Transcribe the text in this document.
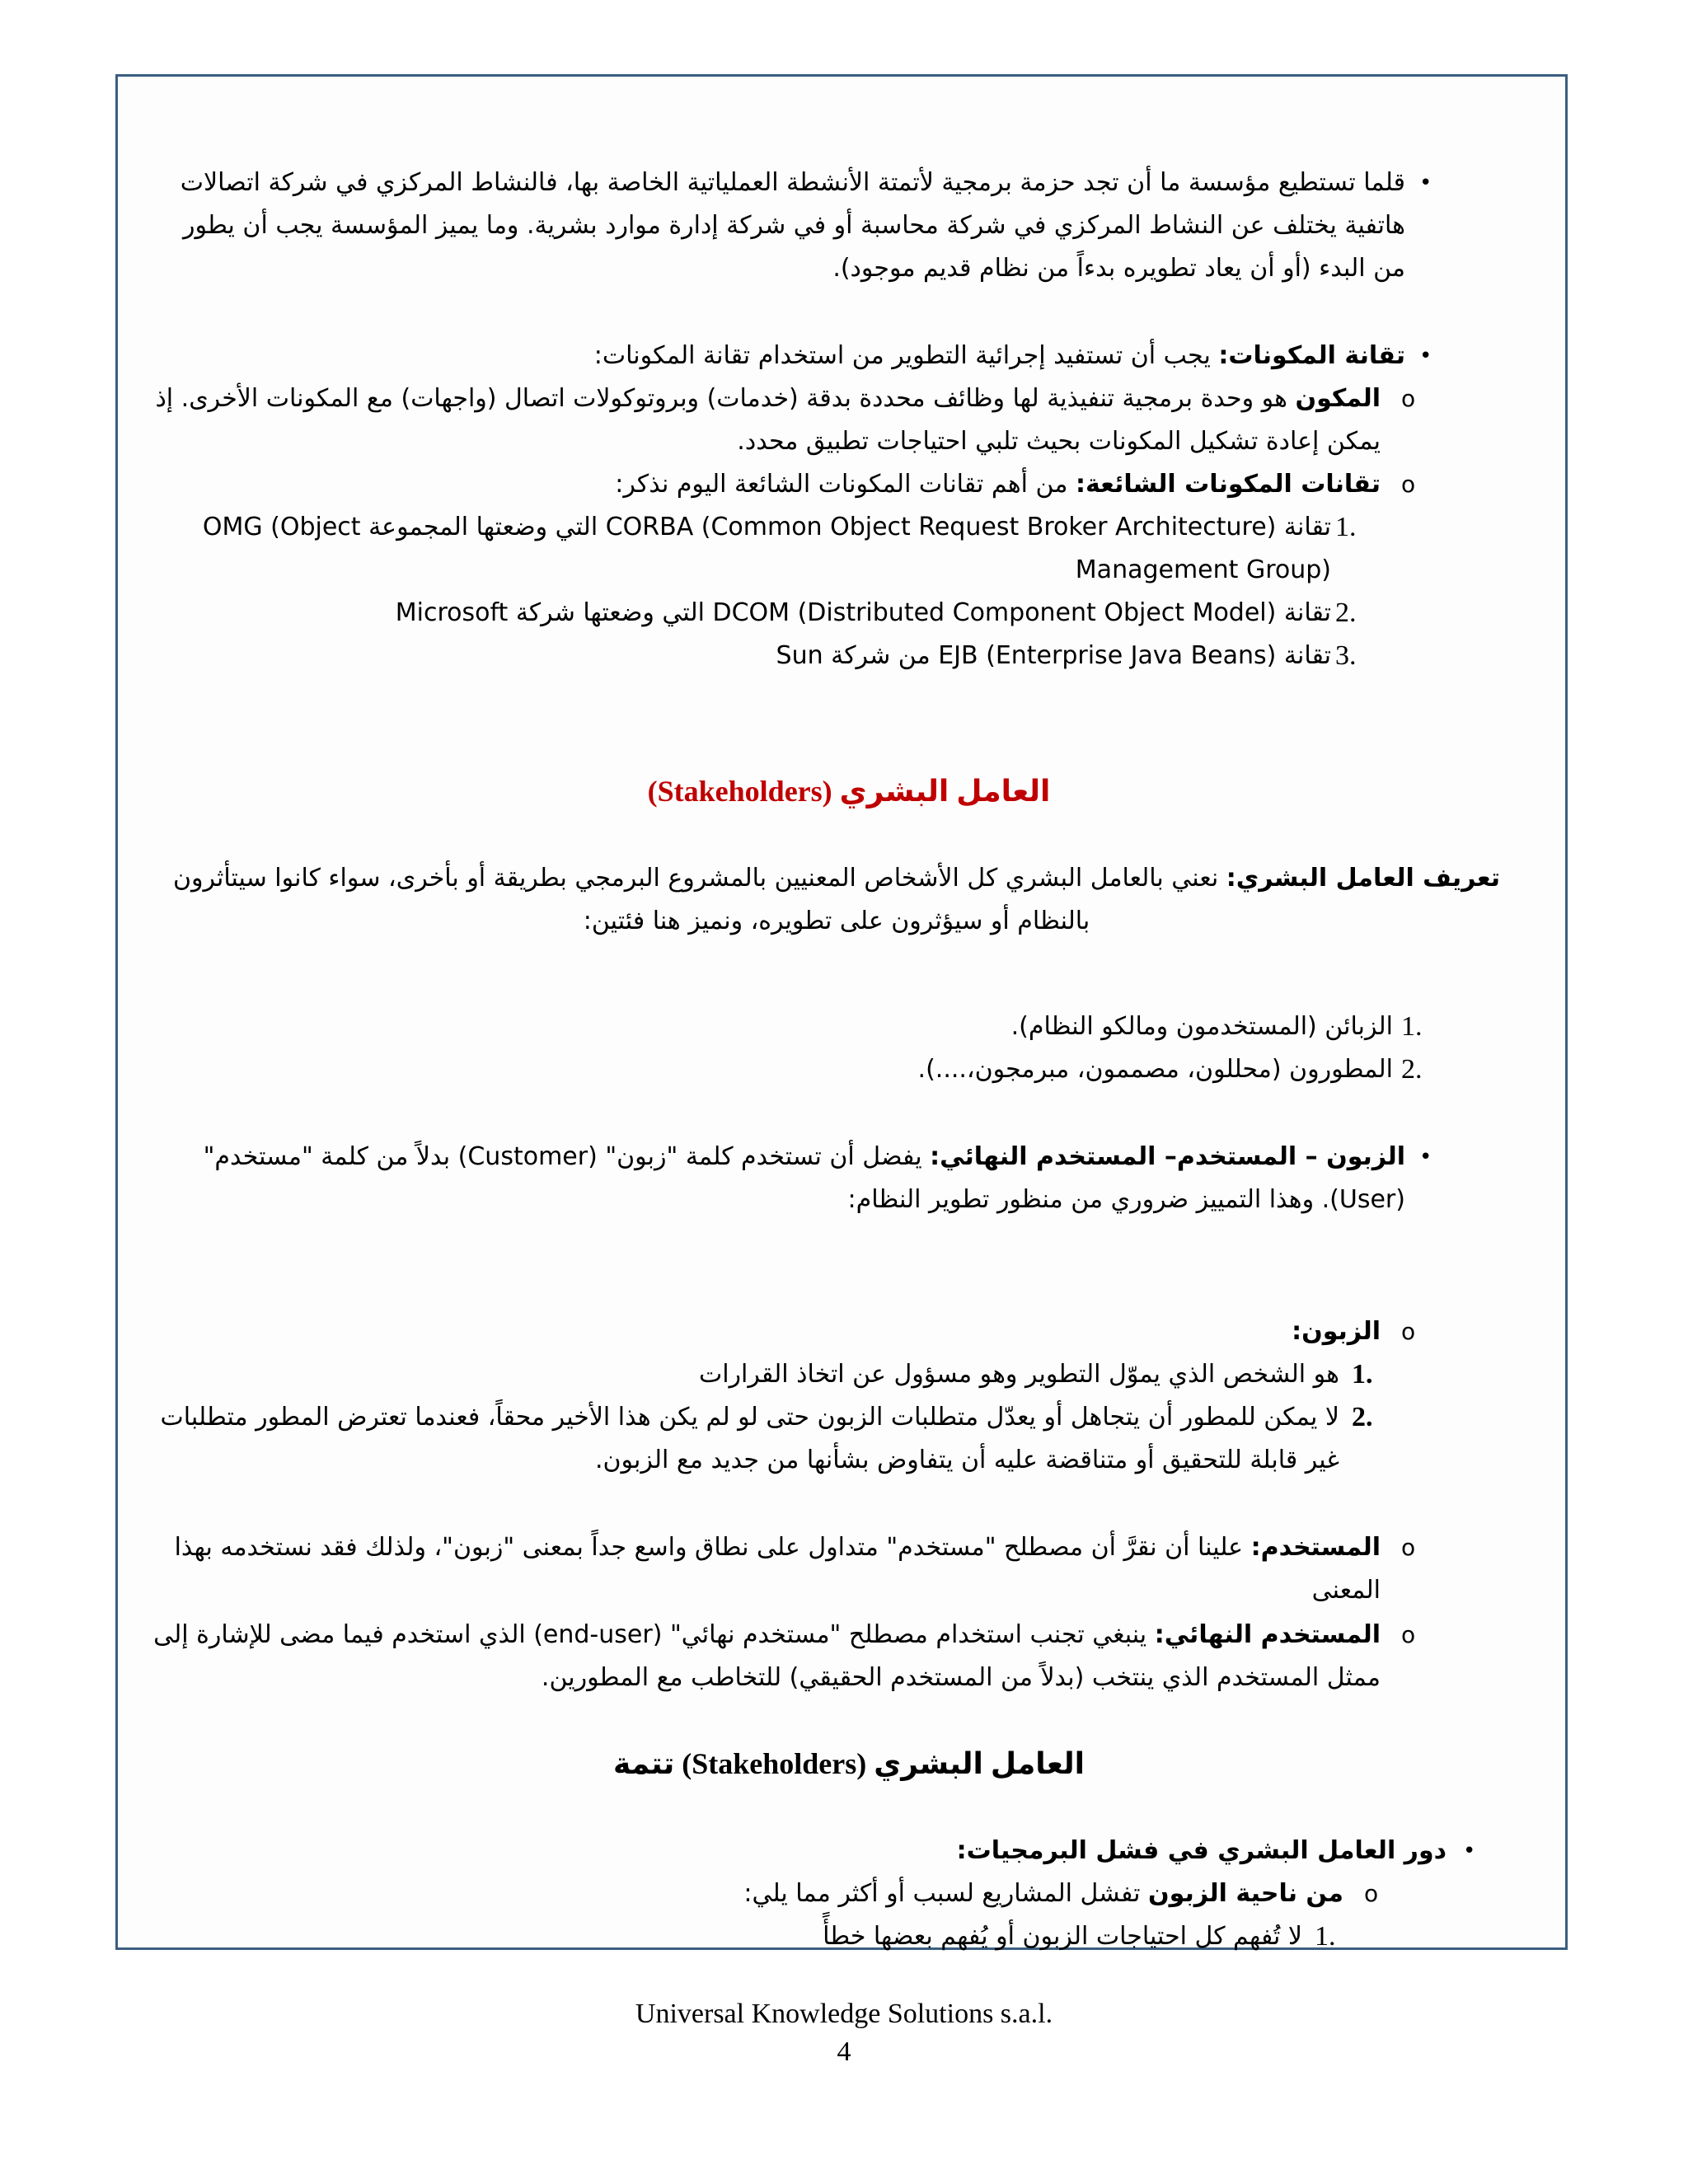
•
قلما تستطيع مؤسسة ما أن تجد حزمة برمجية لأتمتة الأنشطة العملياتية الخاصة بها، فالنشاط المركزي في شركة اتصالات هاتفية يختلف عن النشاط المركزي في شركة محاسبة أو في شركة إدارة موارد بشرية. وما يميز المؤسسة يجب أن يطور من البدء (أو أن يعاد تطويره بدءاً من نظام قديم موجود).
•
تقانة المكونات: يجب أن تستفيد إجرائية التطوير من استخدام تقانة المكونات:
o
المكون هو وحدة برمجية تنفيذية لها وظائف محددة بدقة (خدمات) وبروتوكولات اتصال (واجهات) مع المكونات الأخرى. إذ يمكن إعادة تشكيل المكونات بحيث تلبي احتياجات تطبيق محدد.
o
تقانات المكونات الشائعة: من أهم تقانات المكونات الشائعة اليوم نذكر:
1.
تقانة CORBA (Common Object Request Broker Architecture) التي وضعتها المجموعة OMG (Object Management Group)
2.
تقانة DCOM (Distributed Component Object Model) التي وضعتها شركة Microsoft
3.
تقانة EJB (Enterprise Java Beans) من شركة Sun
العامل البشري (Stakeholders)
تعريف العامل البشري: نعني بالعامل البشري كل الأشخاص المعنيين بالمشروع البرمجي بطريقة أو بأخرى، سواء كانوا سيتأثرون بالنظام أو سيؤثرون على تطويره، ونميز هنا فئتين:
1.
الزبائن (المستخدمون ومالكو النظام).
2.
المطورون (محللون، مصممون، مبرمجون،....).
•
الزبون – المستخدم– المستخدم النهائي: يفضل أن تستخدم كلمة "زبون" (Customer) بدلاً من كلمة "مستخدم" (User). وهذا التمييز ضروري من منظور تطوير النظام:
o
الزبون:
1.
هو الشخص الذي يموّل التطوير وهو مسؤول عن اتخاذ القرارات
2.
لا يمكن للمطور أن يتجاهل أو يعدّل متطلبات الزبون حتى لو لم يكن هذا الأخير محقاً، فعندما تعترض المطور متطلبات غير قابلة للتحقيق أو متناقضة عليه أن يتفاوض بشأنها من جديد مع الزبون.
o
المستخدم: علينا أن نقرَّ أن مصطلح "مستخدم" متداول على نطاق واسع جداً بمعنى "زبون"، ولذلك فقد نستخدمه بهذا المعنى
o
المستخدم النهائي: ينبغي تجنب استخدام مصطلح "مستخدم نهائي" (end-user) الذي استخدم فيما مضى للإشارة إلى ممثل المستخدم الذي ينتخب (بدلاً من المستخدم الحقيقي) للتخاطب مع المطورين.
العامل البشري (Stakeholders) تتمة
•
دور العامل البشري في فشل البرمجيات:
o
من ناحية الزبون تفشل المشاريع لسبب أو أكثر مما يلي:
1.
لا تُفهم كل احتياجات الزبون أو يُفهم بعضها خطأً
Universal Knowledge Solutions s.a.l.
4
